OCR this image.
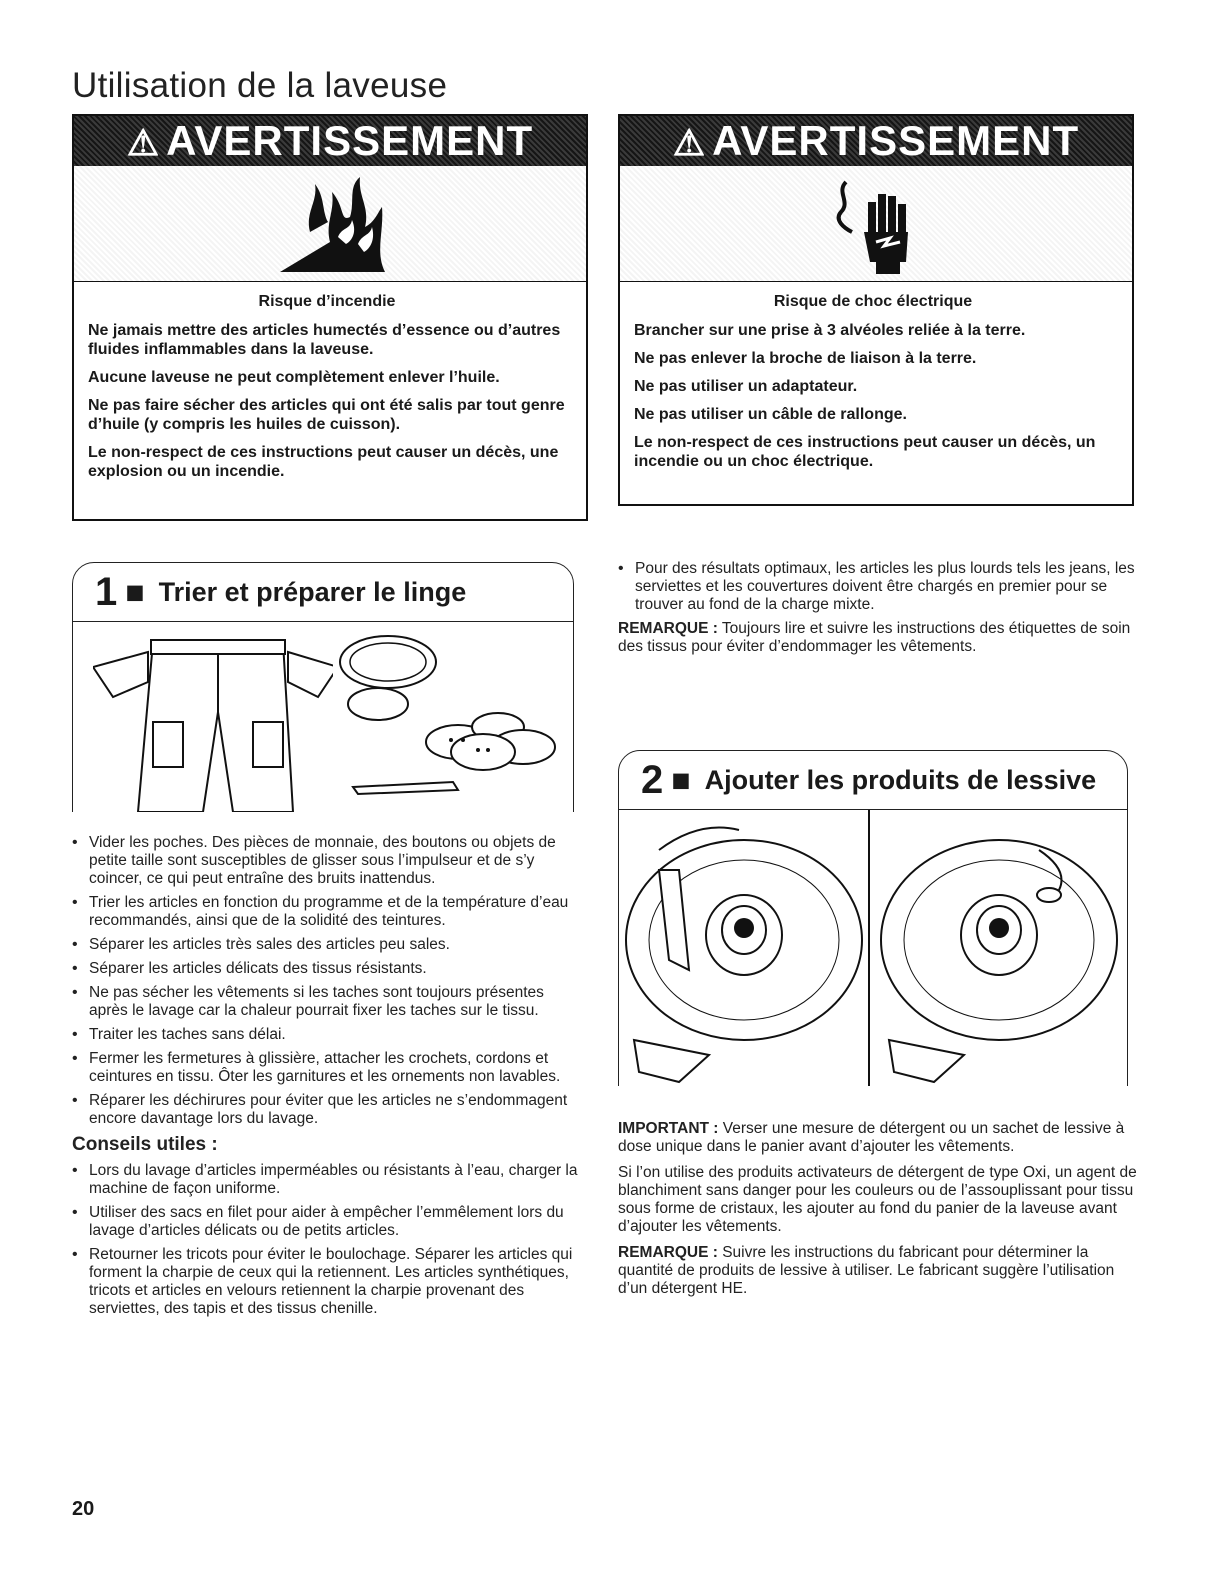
Utilisation de la laveuse
⚠ AVERTISSEMENT

Risque d’incendie

Ne jamais mettre des articles humectés d’essence ou d’autres fluides inflammables dans la laveuse.

Aucune laveuse ne peut complètement enlever l’huile.

Ne pas faire sécher des articles qui ont été salis par tout genre d’huile (y compris les huiles de cuisson).

Le non-respect de ces instructions peut causer un décès, une explosion ou un incendie.

⚠ AVERTISSEMENT

Risque de choc électrique

Brancher sur une prise à 3 alvéoles reliée à la terre.

Ne pas enlever la broche de liaison à la terre.

Ne pas utiliser un adaptateur.

Ne pas utiliser un câble de rallonge.

Le non-respect de ces instructions peut causer un décès, un incendie ou un choc électrique.

1 ■ Trier et préparer le linge
• Vider les poches. Des pièces de monnaie, des boutons ou objets de petite taille sont susceptibles de glisser sous l’impulseur et de s’y coincer, ce qui peut entraîne des bruits inattendus.
• Trier les articles en fonction du programme et de la température d’eau recommandés, ainsi que de la solidité des teintures.
• Séparer les articles très sales des articles peu sales.
• Séparer les articles délicats des tissus résistants.
• Ne pas sécher les vêtements si les taches sont toujours présentes après le lavage car la chaleur pourrait fixer les taches sur le tissu.
• Traiter les taches sans délai.
• Fermer les fermetures à glissière, attacher les crochets, cordons et ceintures en tissu. Ôter les garnitures et les ornements non lavables.
• Réparer les déchirures pour éviter que les articles ne s’endommagent encore davantage lors du lavage.
Conseils utiles :
• Lors du lavage d’articles imperméables ou résistants à l’eau, charger la machine de façon uniforme.
• Utiliser des sacs en filet pour aider à empêcher l’emmêlement lors du lavage d’articles délicats ou de petits articles.
• Retourner les tricots pour éviter le boulochage. Séparer les articles qui forment la charpie de ceux qui la retiennent. Les articles synthétiques, tricots et articles en velours retiennent la charpie provenant des serviettes, des tapis et des tissus chenille.
• Pour des résultats optimaux, les articles les plus lourds tels les jeans, les serviettes et les couvertures doivent être chargés en premier pour se trouver au fond de la charge mixte.

REMARQUE : Toujours lire et suivre les instructions des étiquettes de soin des tissus pour éviter d’endommager les vêtements.

2 ■ Ajouter les produits de lessive

IMPORTANT : Verser une mesure de détergent ou un sachet de lessive à dose unique dans le panier avant d’ajouter les vêtements.

Si l’on utilise des produits activateurs de détergent de type Oxi, un agent de blanchiment sans danger pour les couleurs ou de l’assouplissant pour tissu sous forme de cristaux, les ajouter au fond du panier de la laveuse avant d’ajouter les vêtements.

REMARQUE : Suivre les instructions du fabricant pour déterminer la quantité de produits de lessive à utiliser. Le fabricant suggère l’utilisation d’un détergent HE.

20
